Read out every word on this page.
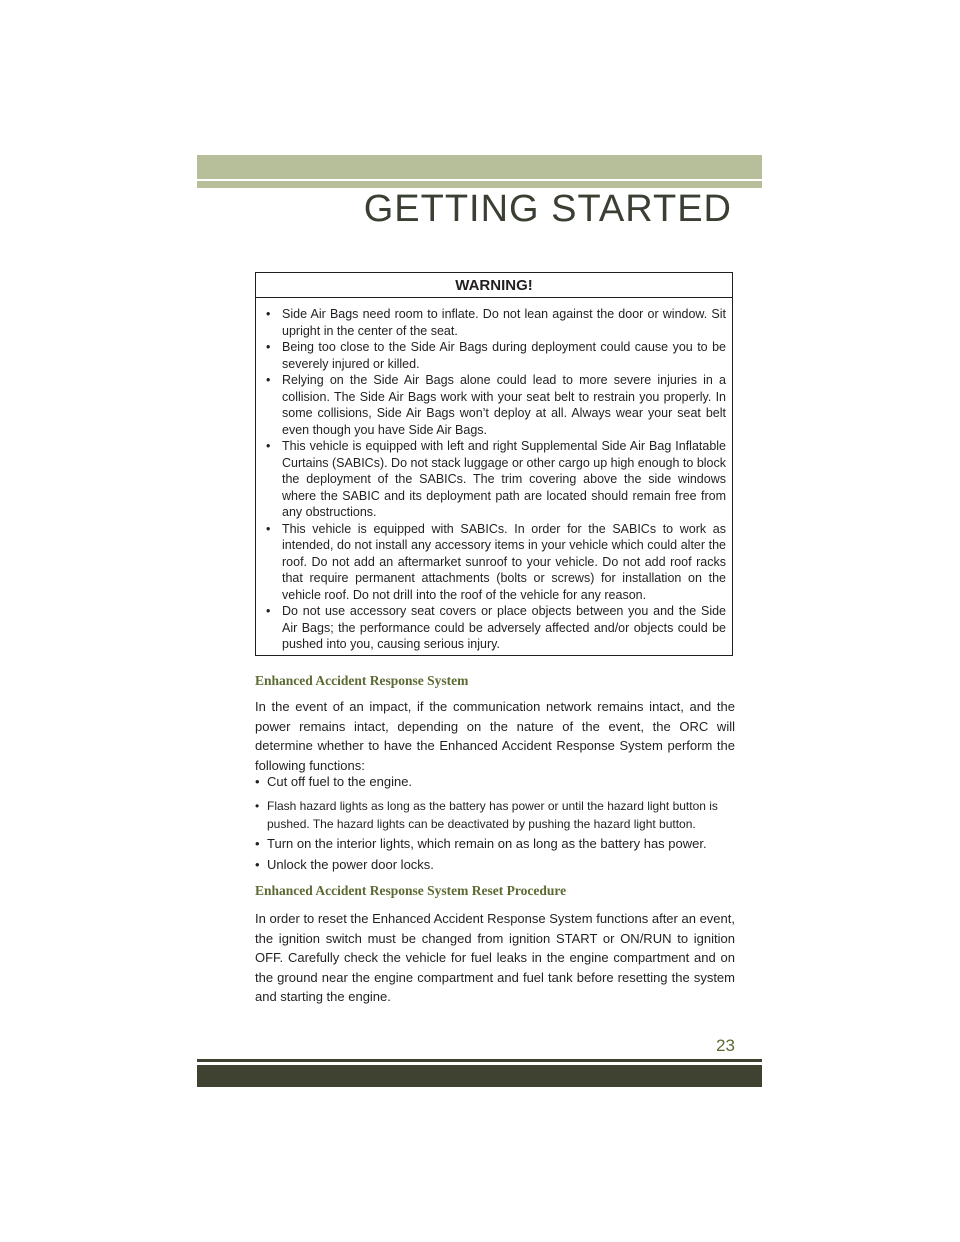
GETTING STARTED
WARNING!
• Side Air Bags need room to inflate. Do not lean against the door or window. Sit upright in the center of the seat.
• Being too close to the Side Air Bags during deployment could cause you to be severely injured or killed.
• Relying on the Side Air Bags alone could lead to more severe injuries in a collision. The Side Air Bags work with your seat belt to restrain you properly. In some collisions, Side Air Bags won’t deploy at all. Always wear your seat belt even though you have Side Air Bags.
• This vehicle is equipped with left and right Supplemental Side Air Bag Inflatable Curtains (SABICs). Do not stack luggage or other cargo up high enough to block the deployment of the SABICs. The trim covering above the side windows where the SABIC and its deployment path are located should remain free from any obstructions.
• This vehicle is equipped with SABICs. In order for the SABICs to work as intended, do not install any accessory items in your vehicle which could alter the roof. Do not add an aftermarket sunroof to your vehicle. Do not add roof racks that require permanent attachments (bolts or screws) for installation on the vehicle roof. Do not drill into the roof of the vehicle for any reason.
• Do not use accessory seat covers or place objects between you and the Side Air Bags; the performance could be adversely affected and/or objects could be pushed into you, causing serious injury.
Enhanced Accident Response System
In the event of an impact, if the communication network remains intact, and the power remains intact, depending on the nature of the event, the ORC will determine whether to have the Enhanced Accident Response System perform the following functions:
• Cut off fuel to the engine.
• Flash hazard lights as long as the battery has power or until the hazard light button is pushed. The hazard lights can be deactivated by pushing the hazard light button.
• Turn on the interior lights, which remain on as long as the battery has power.
• Unlock the power door locks.
Enhanced Accident Response System Reset Procedure
In order to reset the Enhanced Accident Response System functions after an event, the ignition switch must be changed from ignition START or ON/RUN to ignition OFF. Carefully check the vehicle for fuel leaks in the engine compartment and on the ground near the engine compartment and fuel tank before resetting the system and starting the engine.
23
